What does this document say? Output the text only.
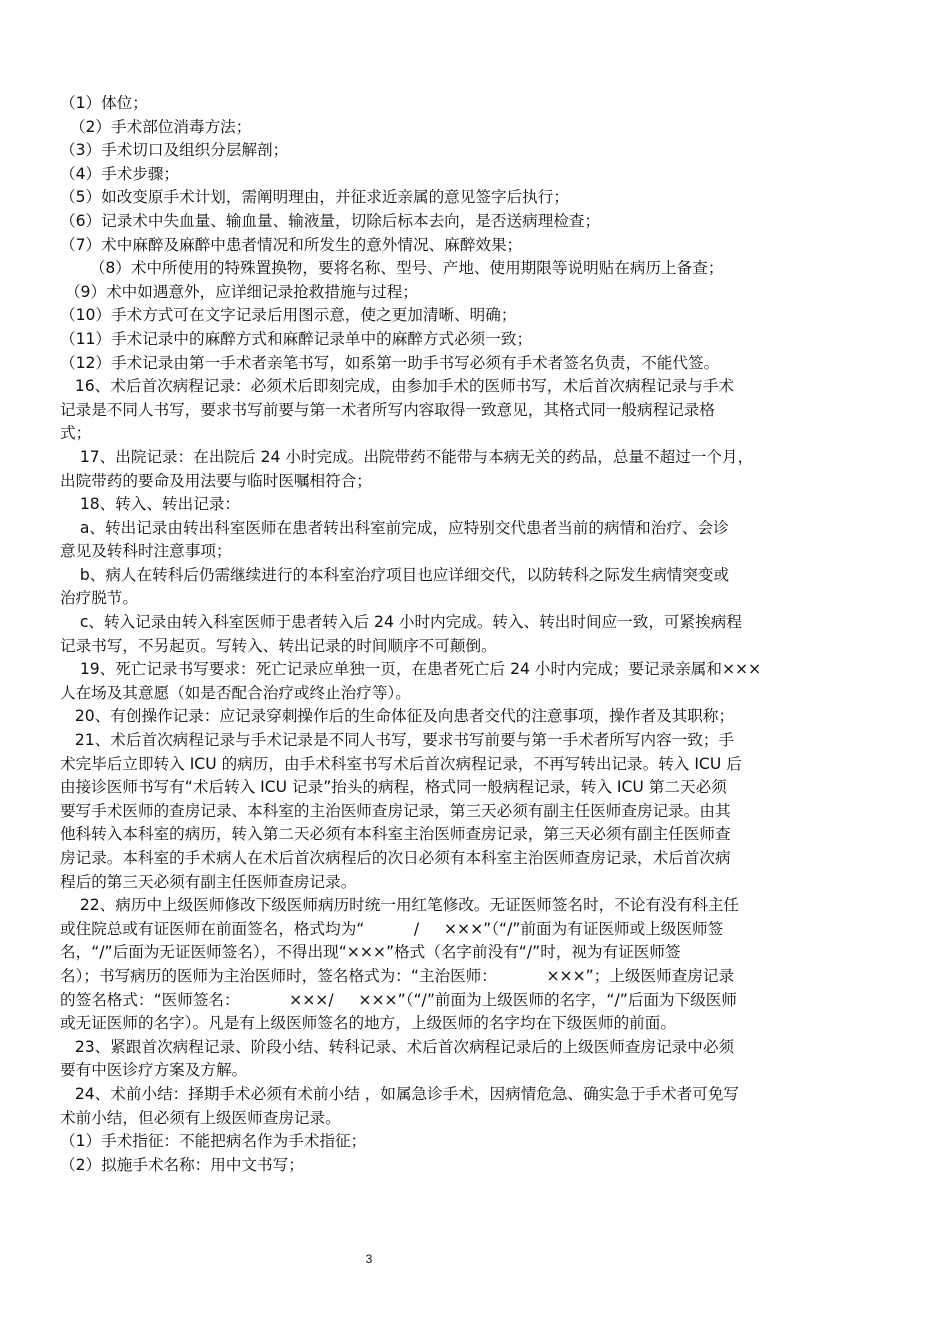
（1）体位；
（2）手术部位消毒方法；
（3）手术切口及组织分层解剖；
（4）手术步骤；
（5）如改变原手术计划，需阐明理由，并征求近亲属的意见签字后执行；
（6）记录术中失血量、输血量、输液量，切除后标本去向，是否送病理检查；
（7）术中麻醉及麻醉中患者情况和所发生的意外情况、麻醉效果；
（8）术中所使用的特殊置换物，要将名称、型号、产地、使用期限等说明贴在病历上备查；
（9）术中如遇意外，应详细记录抢救措施与过程；
（10）手术方式可在文字记录后用图示意，使之更加清晰、明确；
（11）手术记录中的麻醉方式和麻醉记录单中的麻醉方式必须一致；
（12）手术记录由第一手术者亲笔书写，如系第一助手书写必须有手术者签名负责，不能代签。
16、术后首次病程记录：必须术后即刻完成，由参加手术的医师书写，术后首次病程记录与手术
记录是不同人书写，要求书写前要与第一术者所写内容取得一致意见，其格式同一般病程记录格
式；
17、出院记录：在出院后 24 小时完成。出院带药不能带与本病无关的药品，总量不超过一个月，
出院带药的要命及用法要与临时医嘱相符合；
18、转入、转出记录：
a、转出记录由转出科室医师在患者转出科室前完成，应特别交代患者当前的病情和治疗、会诊
意见及转科时注意事项；
b、病人在转科后仍需继续进行的本科室治疗项目也应详细交代，以防转科之际发生病情突变或
治疗脱节。
c、转入记录由转入科室医师于患者转入后 24 小时内完成。转入、转出时间应一致，可紧挨病程
记录书写，不另起页。写转入、转出记录的时间顺序不可颠倒。
19、死亡记录书写要求：死亡记录应单独一页，在患者死亡后 24 小时内完成；要记录亲属和×××
人在场及其意愿（如是否配合治疗或终止治疗等）。
20、有创操作记录：应记录穿刺操作后的生命体征及向患者交代的注意事项，操作者及其职称；
21、术后首次病程记录与手术记录是不同人书写，要求书写前要与第一手术者所写内容一致；手
术完毕后立即转入 ICU 的病历，由手术科室书写术后首次病程记录，不再写转出记录。转入 ICU 后
由接诊医师书写有“术后转入 ICU 记录”抬头的病程，格式同一般病程记录，转入 ICU 第二天必须
要写手术医师的查房记录、本科室的主治医师查房记录，第三天必须有副主任医师查房记录。由其
他科转入本科室的病历，转入第二天必须有本科室主治医师查房记录，第三天必须有副主任医师查
房记录。本科室的手术病人在术后首次病程后的次日必须有本科室主治医师查房记录，术后首次病
程后的第三天必须有副主任医师查房记录。
22、病历中上级医师修改下级医师病历时统一用红笔修改。无证医师签名时，不论有没有科主任
或住院总或有证医师在前面签名，格式均为“          /     ×××”（“/”前面为有证医师或上级医师签
名，“/”后面为无证医师签名），不得出现“×××”格式（名字前没有“/”时，视为有证医师签
名）；书写病历的医师为主治医师时，签名格式为：“主治医师：          ×××”；上级医师查房记录
的签名格式：“医师签名：          ×××/     ×××”（“/”前面为上级医师的名字，“/”后面为下级医师
或无证医师的名字）。凡是有上级医师签名的地方，上级医师的名字均在下级医师的前面。
23、紧跟首次病程记录、阶段小结、转科记录、术后首次病程记录后的上级医师查房记录中必须
要有中医诊疗方案及方解。
24、术前小结：择期手术必须有术前小结 ，如属急诊手术，因病情危急、确实急于手术者可免写
术前小结，但必须有上级医师查房记录。
（1）手术指征：不能把病名作为手术指征；
（2）拟施手术名称：用中文书写；
3
